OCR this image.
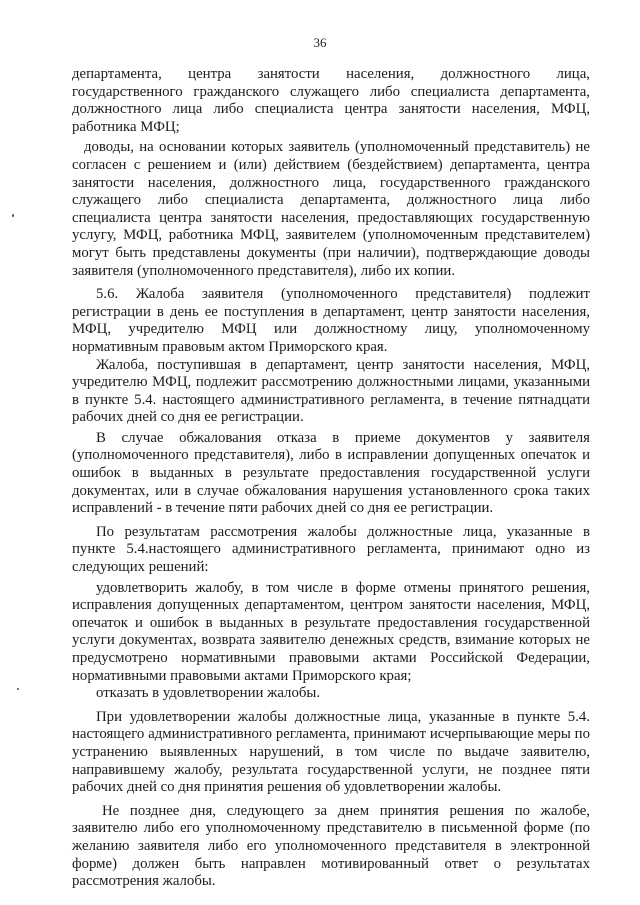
36

департамента, центра занятости населения, должностного лица, государственного гражданского служащего либо специалиста департамента, должностного лица либо специалиста центра занятости населения, МФЦ, работника МФЦ;

доводы, на основании которых заявитель (уполномоченный представитель) не согласен с решением и (или) действием (бездействием) департамента, центра занятости населения, должностного лица, государственного гражданского служащего либо специалиста департамента, должностного лица либо специалиста центра занятости населения, предоставляющих государственную услугу, МФЦ, работника МФЦ, заявителем (уполномоченным представителем) могут быть представлены документы (при наличии), подтверждающие доводы заявителя (уполномоченного представителя), либо их копии.

5.6. Жалоба заявителя (уполномоченного представителя) подлежит регистрации в день ее поступления в департамент, центр занятости населения, МФЦ, учредителю МФЦ или должностному лицу, уполномоченному нормативным правовым актом Приморского края.

Жалоба, поступившая в департамент, центр занятости населения, МФЦ, учредителю МФЦ, подлежит рассмотрению должностными лицами, указанными в пункте 5.4. настоящего административного регламента, в течение пятнадцати рабочих дней со дня ее регистрации.

В случае обжалования отказа в приеме документов у заявителя (уполномоченного представителя), либо в исправлении допущенных опечаток и ошибок в выданных в результате предоставления государственной услуги документах, или в случае обжалования нарушения установленного срока таких исправлений - в течение пяти рабочих дней со дня ее регистрации.

По результатам рассмотрения жалобы должностные лица, указанные в пункте 5.4.настоящего административного регламента, принимают одно из следующих решений:

удовлетворить жалобу, в том числе в форме отмены принятого решения, исправления допущенных департаментом, центром занятости населения, МФЦ, опечаток и ошибок в выданных в результате предоставления государственной услуги документах, возврата заявителю денежных средств, взимание которых не предусмотрено нормативными правовыми актами Российской Федерации, нормативными правовыми актами Приморского края;

отказать в удовлетворении жалобы.

При удовлетворении жалобы должностные лица, указанные в пункте 5.4. настоящего административного регламента, принимают исчерпывающие меры по устранению выявленных нарушений, в том числе по выдаче заявителю, направившему жалобу, результата государственной услуги, не позднее пяти рабочих дней со дня принятия решения об удовлетворении жалобы.

Не позднее дня, следующего за днем принятия решения по жалобе, заявителю либо его уполномоченному представителю в письменной форме (по желанию заявителя либо его уполномоченного представителя в электронной форме) должен быть направлен мотивированный ответ о результатах рассмотрения жалобы.
